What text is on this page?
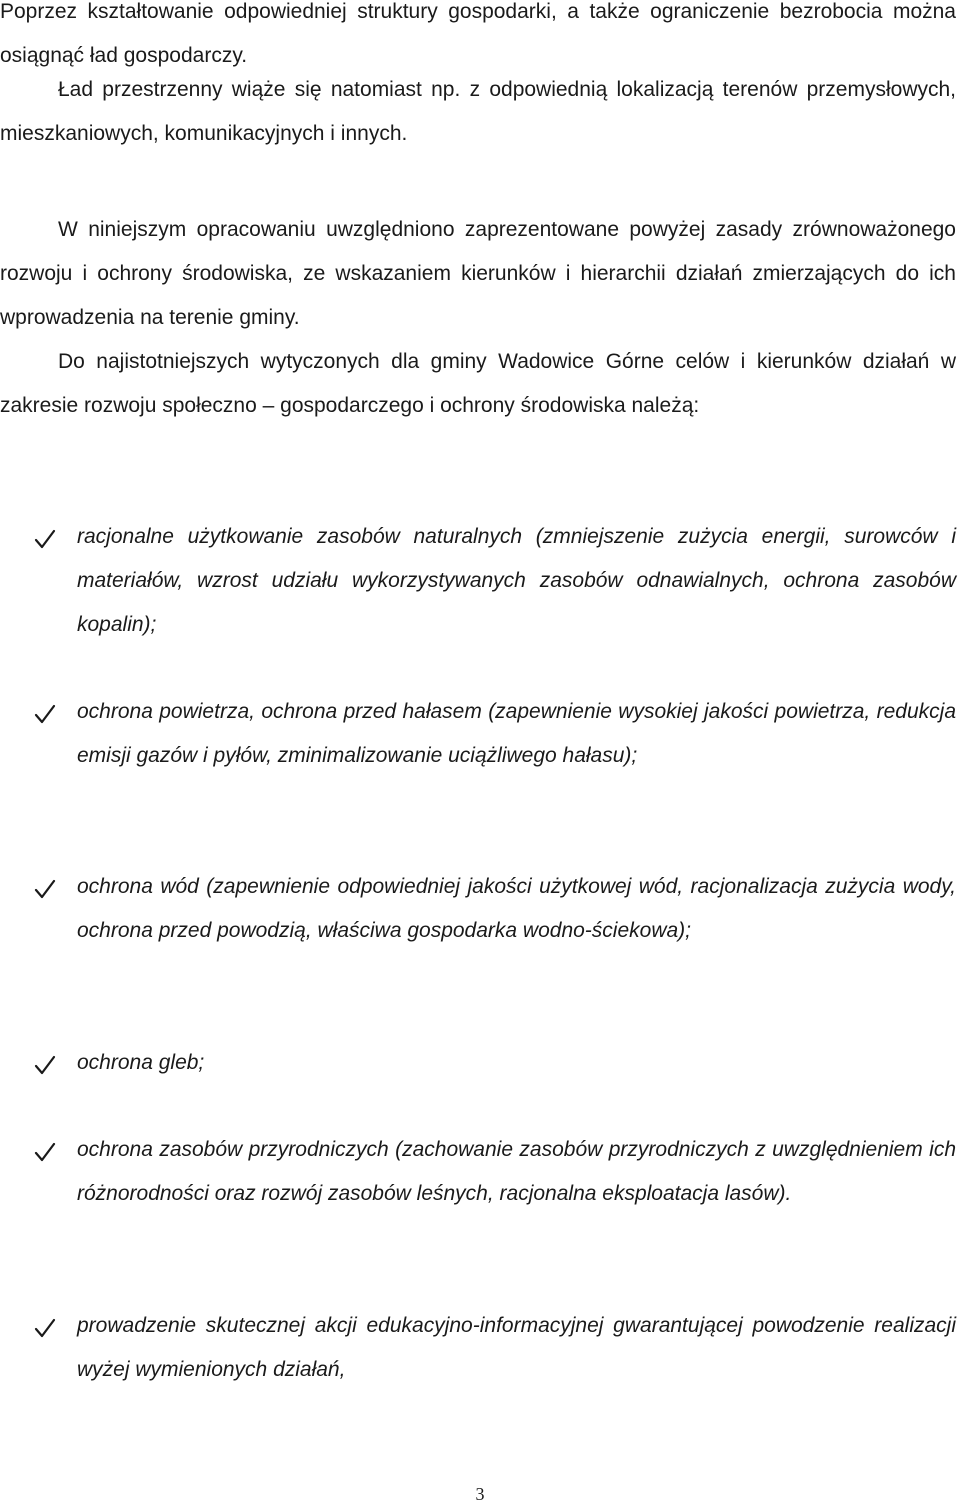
Poprzez kształtowanie odpowiedniej struktury gospodarki, a także ograniczenie bezrobocia można osiągnąć ład gospodarczy.

Ład przestrzenny wiąże się natomiast np. z odpowiednią lokalizacją terenów przemysłowych, mieszkaniowych, komunikacyjnych i innych.

W niniejszym opracowaniu uwzględniono zaprezentowane powyżej zasady zrównoważonego rozwoju i ochrony środowiska, ze wskazaniem kierunków i hierarchii działań zmierzających do ich wprowadzenia na terenie gminy.

Do najistotniejszych wytyczonych dla gminy Wadowice Górne celów i kierunków działań w zakresie rozwoju społeczno – gospodarczego i ochrony środowiska należą:

racjonalne użytkowanie zasobów naturalnych (zmniejszenie zużycia energii, surowców i materiałów, wzrost udziału wykorzystywanych zasobów odnawialnych, ochrona zasobów kopalin);

ochrona powietrza, ochrona przed hałasem (zapewnienie wysokiej jakości powietrza, redukcja emisji gazów i pyłów, zminimalizowanie uciążliwego hałasu);

ochrona wód (zapewnienie odpowiedniej jakości użytkowej wód, racjonalizacja zużycia wody, ochrona przed powodzią, właściwa gospodarka wodno-ściekowa);

ochrona gleb;

ochrona zasobów przyrodniczych (zachowanie zasobów przyrodniczych z uwzględnieniem ich różnorodności oraz rozwój zasobów leśnych, racjonalna eksploatacja lasów).

prowadzenie skutecznej akcji edukacyjno-informacyjnej gwarantującej powodzenie realizacji wyżej wymienionych działań,

3
